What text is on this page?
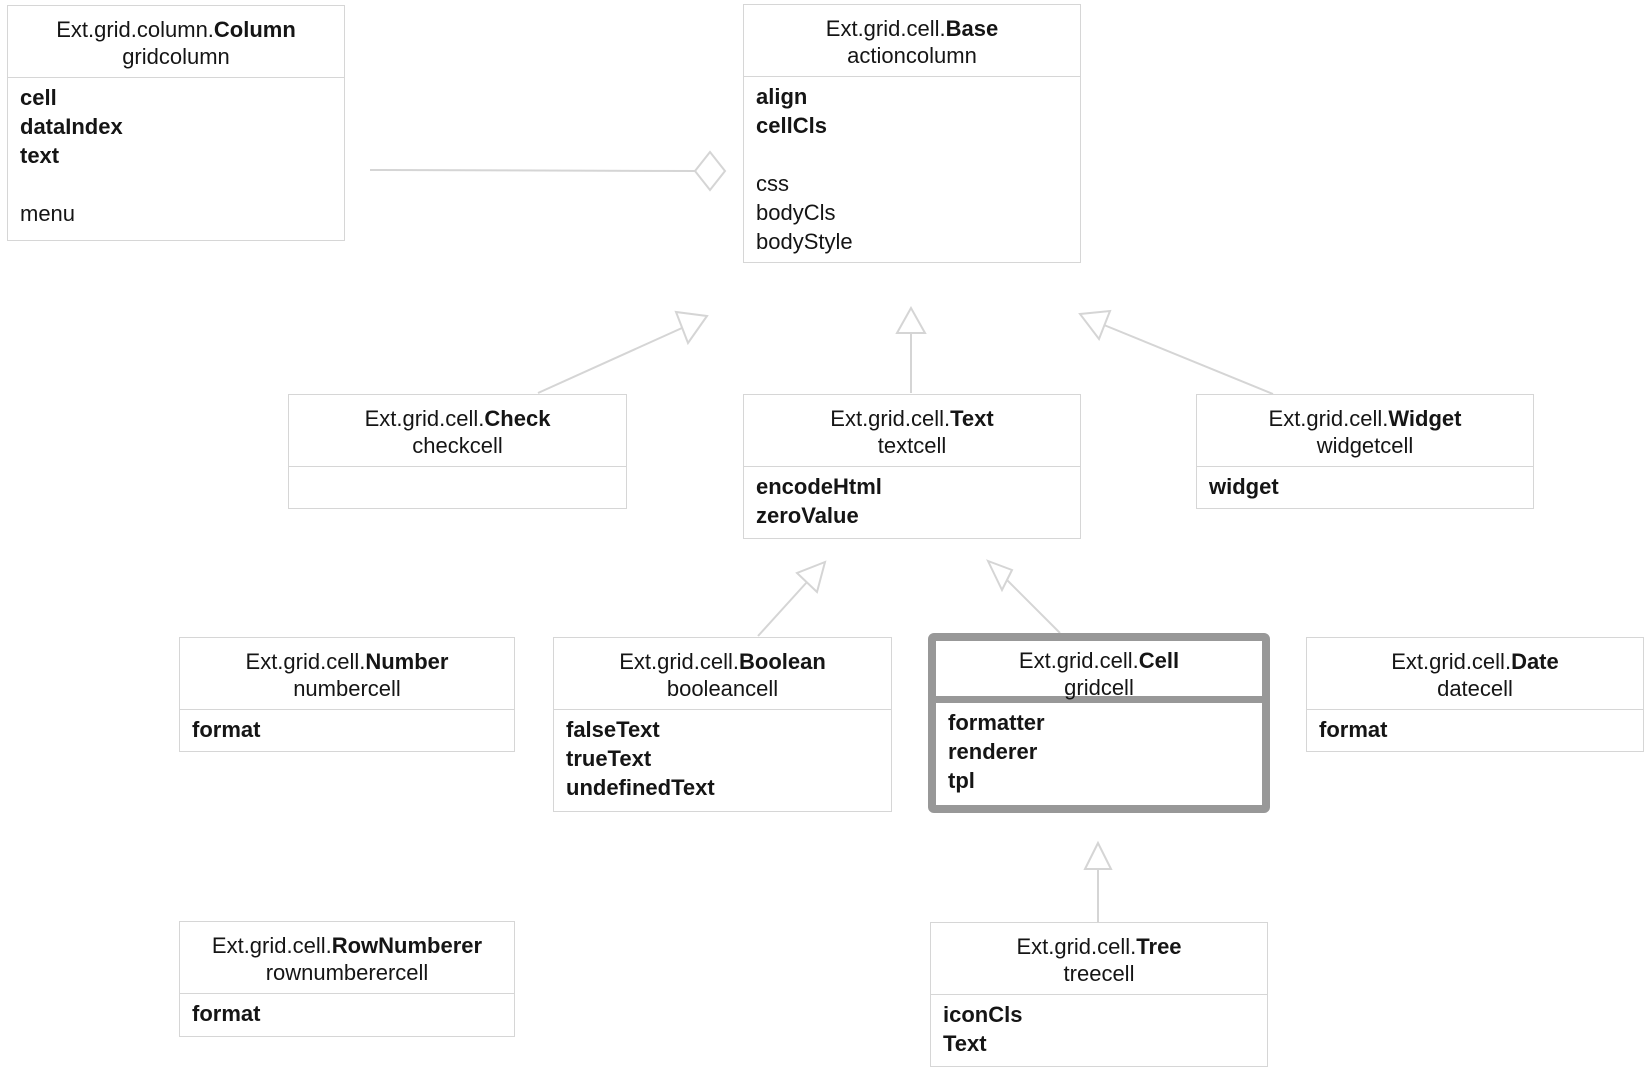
Ext.grid.column.Column
gridcolumn
cell
dataIndex
text
menu
Ext.grid.cell.Base
actioncolumn
align
cellCls
css
bodyCls
bodyStyle
Ext.grid.cell.Check
checkcell
Ext.grid.cell.Text
textcell
encodeHtml
zeroValue
Ext.grid.cell.Widget
widgetcell
widget
Ext.grid.cell.Number
numbercell
format
Ext.grid.cell.Boolean
booleancell
falseText
trueText
undefinedText
Ext.grid.cell.Cell
gridcell
formatter
renderer
tpl
Ext.grid.cell.Date
datecell
format
Ext.grid.cell.RowNumberer
rownumberercell
format
Ext.grid.cell.Tree
treecell
iconCls
Text
